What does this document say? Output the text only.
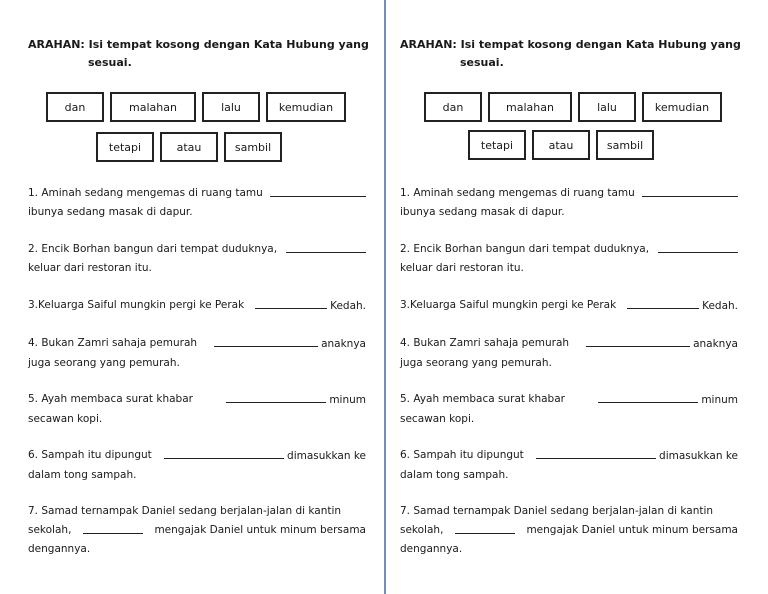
ARAHAN: Isi tempat kosong dengan Kata Hubung yang
sesuai.
dan	malahan	lalu	kemudian
tetapi	atau	sambil
1. Aminah sedang mengemas di ruang tamu
ibunya sedang masak di dapur.
2. Encik Borhan bangun dari tempat duduknya,
keluar dari restoran itu.
3.Keluarga Saiful mungkin pergi ke Perak	Kedah.
4. Bukan Zamri sahaja pemurah	anaknya
juga seorang yang pemurah.
5. Ayah membaca surat khabar	minum
secawan kopi.
6. Sampah itu dipungut	dimasukkan ke
dalam tong sampah.
7. Samad ternampak Daniel sedang berjalan-jalan di kantin
sekolah,	mengajak Daniel untuk minum bersama
dengannya.
ARAHAN: Isi tempat kosong dengan Kata Hubung yang
sesuai.
dan	malahan	lalu	kemudian
tetapi	atau	sambil
1. Aminah sedang mengemas di ruang tamu
ibunya sedang masak di dapur.
2. Encik Borhan bangun dari tempat duduknya,
keluar dari restoran itu.
3.Keluarga Saiful mungkin pergi ke Perak	Kedah.
4. Bukan Zamri sahaja pemurah	anaknya
juga seorang yang pemurah.
5. Ayah membaca surat khabar	minum
secawan kopi.
6. Sampah itu dipungut	dimasukkan ke
dalam tong sampah.
7. Samad ternampak Daniel sedang berjalan-jalan di kantin
sekolah,	mengajak Daniel untuk minum bersama
dengannya.
